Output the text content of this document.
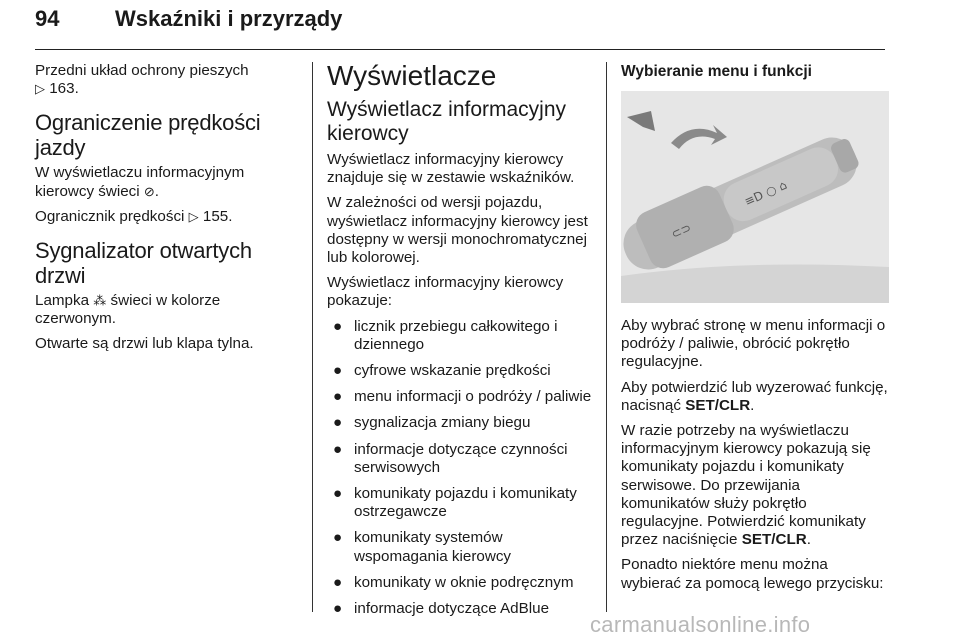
94	Wskaźniki i przyrządy

Przedni układ ochrony pieszych
▷ 163.

Ograniczenie prędkości jazdy

W wyświetlaczu informacyjnym kierowcy świeci ⊘.

Ogranicznik prędkości ▷ 155.

Sygnalizator otwartych drzwi

Lampka ⁂ świeci w kolorze czerwonym.

Otwarte są drzwi lub klapa tylna.

Wyświetlacze
Wyświetlacz informacyjny kierowcy

Wyświetlacz informacyjny kierowcy znajduje się w zestawie wskaźników.

W zależności od wersji pojazdu, wyświetlacz informacyjny kierowcy jest dostępny w wersji monochromatycznej lub kolorowej.

Wyświetlacz informacyjny kierowcy pokazuje:

● licznik przebiegu całkowitego i dziennego
● cyfrowe wskazanie prędkości
● menu informacji o podróży / paliwie
● sygnalizacja zmiany biegu
● informacje dotyczące czynności serwisowych
● komunikaty pojazdu i komunikaty ostrzegawcze
● komunikaty systemów wspomagania kierowcy
● komunikaty w oknie podręcznym
● informacje dotyczące AdBlue
Wybieranie menu i funkcji
⊂⊃
≡D ○ ⌂

Aby wybrać stronę w menu informacji o podróży / paliwie, obrócić pokrętło regulacyjne.

Aby potwierdzić lub wyzerować funkcję, nacisnąć SET/CLR.

W razie potrzeby na wyświetlaczu informacyjnym kierowcy pokazują się komunikaty pojazdu i komunikaty serwisowe. Do przewijania komunikatów służy pokrętło regulacyjne. Potwierdzić komunikaty przez naciśnięcie SET/CLR.

Ponadto niektóre menu można wybierać za pomocą lewego przycisku:

carmanualsonline.info
